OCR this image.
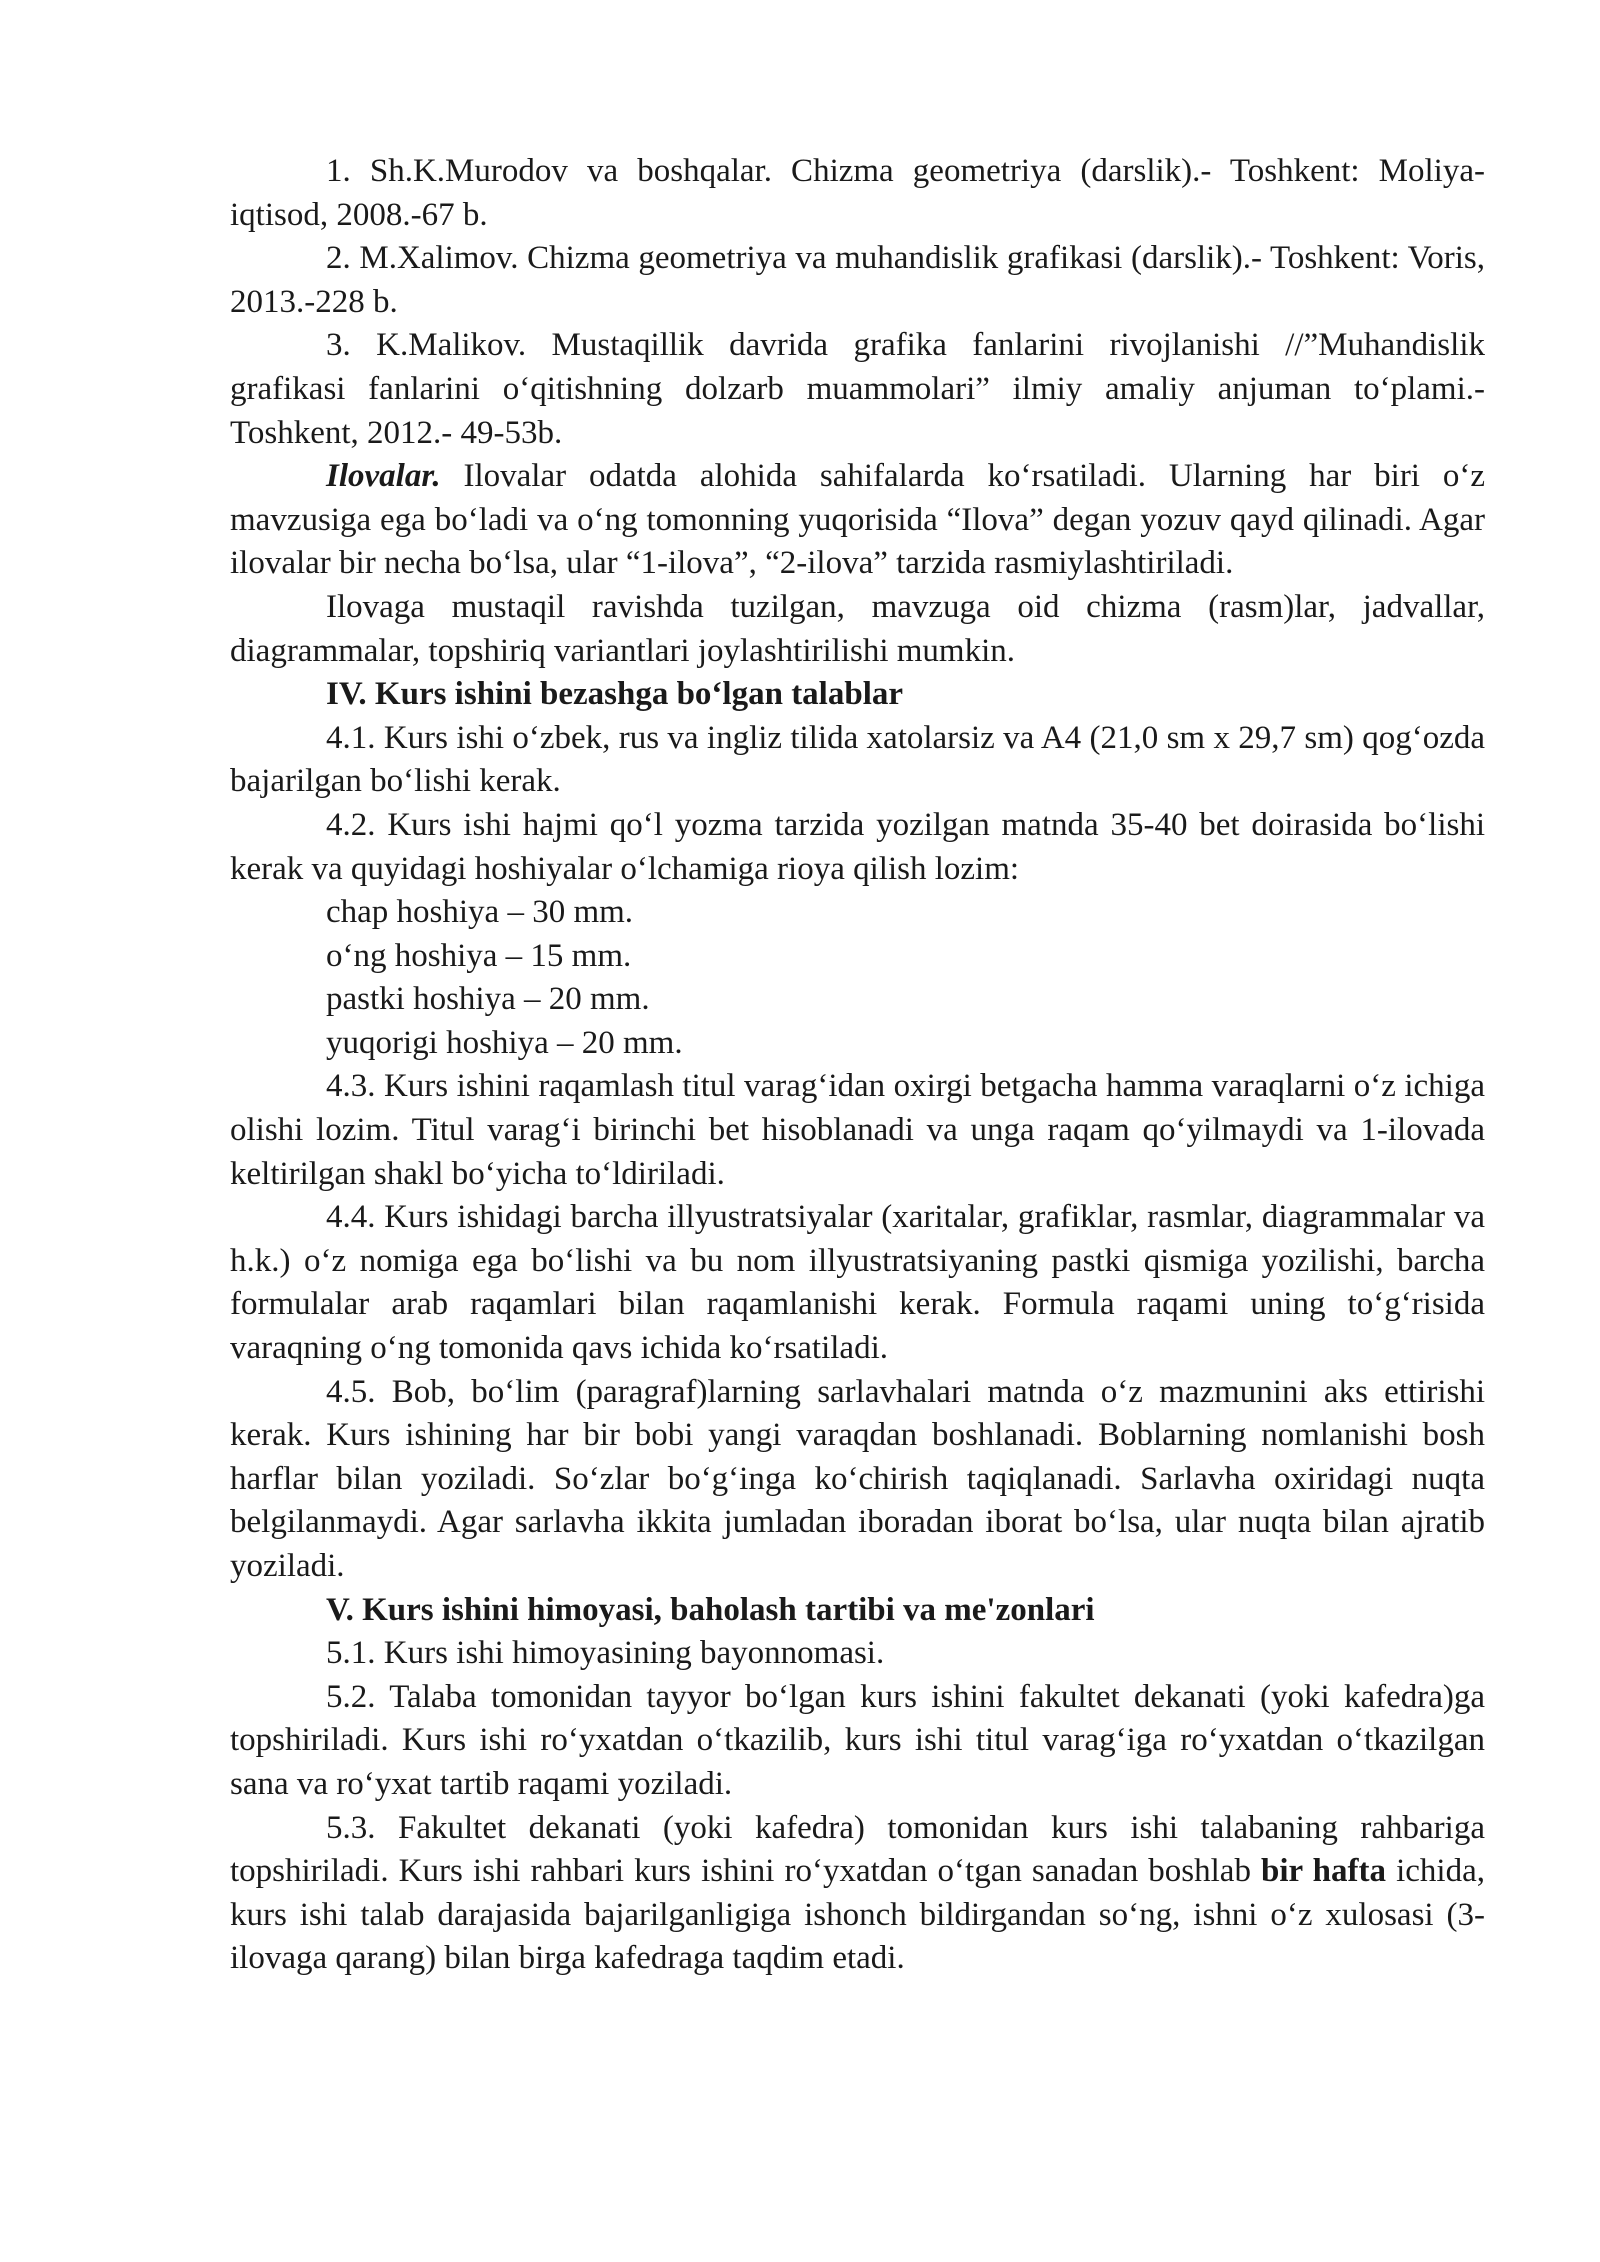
1. Sh.K.Murodov va boshqalar. Chizma geometriya (darslik).- Toshkent: Moliya-iqtisod, 2008.-67 b.

2. M.Xalimov. Chizma geometriya va muhandislik grafikasi (darslik).- Toshkent: Voris, 2013.-228 b.

3. K.Malikov. Mustaqillik davrida grafika fanlarini rivojlanishi //”Muhandislik grafikasi fanlarini o‘qitishning dolzarb muammolari” ilmiy amaliy anjuman to‘plami.- Toshkent, 2012.- 49-53b.

Ilovalar. Ilovalar odatda alohida sahifalarda ko‘rsatiladi. Ularning har biri o‘z mavzusiga ega bo‘ladi va o‘ng tomonning yuqorisida “Ilova” degan yozuv qayd qilinadi. Agar ilovalar bir necha bo‘lsa, ular “1-ilova”, “2-ilova” tarzida rasmiylashtiriladi.

Ilovaga mustaqil ravishda tuzilgan, mavzuga oid chizma (rasm)lar, jadvallar, diagrammalar, topshiriq variantlari joylashtirilishi mumkin.

IV. Kurs ishini bezashga bo‘lgan talablar

4.1. Kurs ishi o‘zbek, rus va ingliz tilida xatolarsiz va A4 (21,0 sm x 29,7 sm) qog‘ozda bajarilgan bo‘lishi kerak.

4.2. Kurs ishi hajmi qo‘l yozma tarzida yozilgan matnda 35-40 bet doirasida bo‘lishi kerak va quyidagi hoshiyalar o‘lchamiga rioya qilish lozim:

chap hoshiya – 30 mm.

o‘ng hoshiya – 15 mm.

pastki hoshiya – 20 mm.

yuqorigi hoshiya – 20 mm.

4.3. Kurs ishini raqamlash titul varag‘idan oxirgi betgacha hamma varaqlarni o‘z ichiga olishi lozim. Titul varag‘i birinchi bet hisoblanadi va unga raqam qo‘yilmaydi va 1-ilovada keltirilgan shakl bo‘yicha to‘ldiriladi.

4.4. Kurs ishidagi barcha illyustratsiyalar (xaritalar, grafiklar, rasmlar, diagrammalar va h.k.) o‘z nomiga ega bo‘lishi va bu nom illyustratsiyaning pastki qismiga yozilishi, barcha formulalar arab raqamlari bilan raqamlanishi kerak. Formula raqami uning to‘g‘risida varaqning o‘ng tomonida qavs ichida ko‘rsatiladi.

4.5. Bob, bo‘lim (paragraf)larning sarlavhalari matnda o‘z mazmunini aks ettirishi kerak. Kurs ishining har bir bobi yangi varaqdan boshlanadi. Boblarning nomlanishi bosh harflar bilan yoziladi. So‘zlar bo‘g‘inga ko‘chirish taqiqlanadi. Sarlavha oxiridagi nuqta belgilanmaydi. Agar sarlavha ikkita jumladan iboradan iborat bo‘lsa, ular nuqta bilan ajratib yoziladi.

V. Kurs ishini himoyasi, baholash tartibi va me'zonlari

5.1. Kurs ishi himoyasining bayonnomasi.

5.2. Talaba tomonidan tayyor bo‘lgan kurs ishini fakultet dekanati (yoki kafedra)ga topshiriladi. Kurs ishi ro‘yxatdan o‘tkazilib, kurs ishi titul varag‘iga ro‘yxatdan o‘tkazilgan sana va ro‘yxat tartib raqami yoziladi.

5.3. Fakultet dekanati (yoki kafedra) tomonidan kurs ishi talabaning rahbariga topshiriladi. Kurs ishi rahbari kurs ishini ro‘yxatdan o‘tgan sanadan boshlab bir hafta ichida, kurs ishi talab darajasida bajarilganligiga ishonch bildirgandan so‘ng, ishni o‘z xulosasi (3-ilovaga qarang) bilan birga kafedraga taqdim etadi.
